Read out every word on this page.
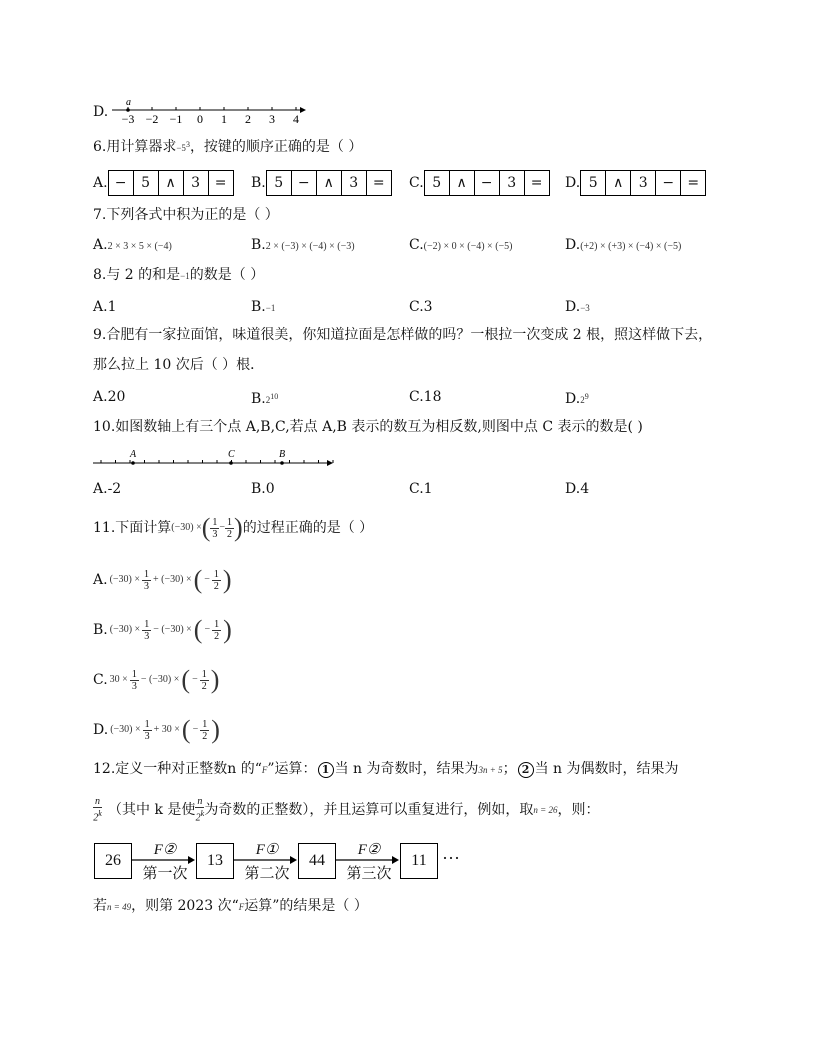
D. −3 −2 −1 0 1 2 3 4
a
6.用计算器求$-5^3$，按键的顺序正确的是（ ）
7.下列各式中积为正的是（ ）
8.与 2 的和是−1的数是（ ）
9.合肥有一家拉面馆，味道很美，你知道拉面是怎样做的吗？一根拉一次变成 2 根，照这样做下去，
那么拉上 10 次后（ ）根．
10.如图数轴上有三个点 A,B,C,若点 A,B 表示的数互为相反数,则图中点 C 表示的数是( )
A	C	B
11.下面计算 (−30) × ( $\frac{1}{3} - \frac{1}{2}$ ) 的过程正确的是（ ）
12.定义一种对正整数n 的“F”运算： 1 当 n 为奇数时，结果为3n + 5； 2 当 n 为偶数时，结果为
$\frac{n}{2^k}$ （其中 k 是使 $\frac{n}{2^k}$ 为奇数的正整数），并且运算可以重复进行，例如，取 n = 26 ，则：
26	13	44	11
F②
第一次
F①
第二次
F②
第三次
···
若n = 49，则第 2023 次“F运算”的结果是（ ）
A. −	5	∧	3	=	B. 5	−	∧	3	=	C. 5	∧	−	3	=	D. 5	∧	3	− =
A.2 × 3 × 5 × (−4)	B.2 × (−3) × (−4) × (−3)	C.(−2) × 0 × (−4) × (−5)	D.(+2) × (+3) × (−4) × (−5)
A.1	B.−1	C.3	D.−3
A.20	$B.2^{10}$	C.18	$D.2^9$
A.-2	B.0	C.1	D.4
A. $(-30) \times \frac{1}{3} + (-30)$ × ( − $\frac{1}{2}$ )
B. $(-30) \times \frac{1}{3} - (-30)$ × ( − $\frac{1}{2}$ )
C. $30 \times \frac{1}{3} - (-30)$ × ( − $\frac{1}{2}$ )
D. $(-30) \times \frac{1}{3} + 30$ × ( − $\frac{1}{2}$ )
